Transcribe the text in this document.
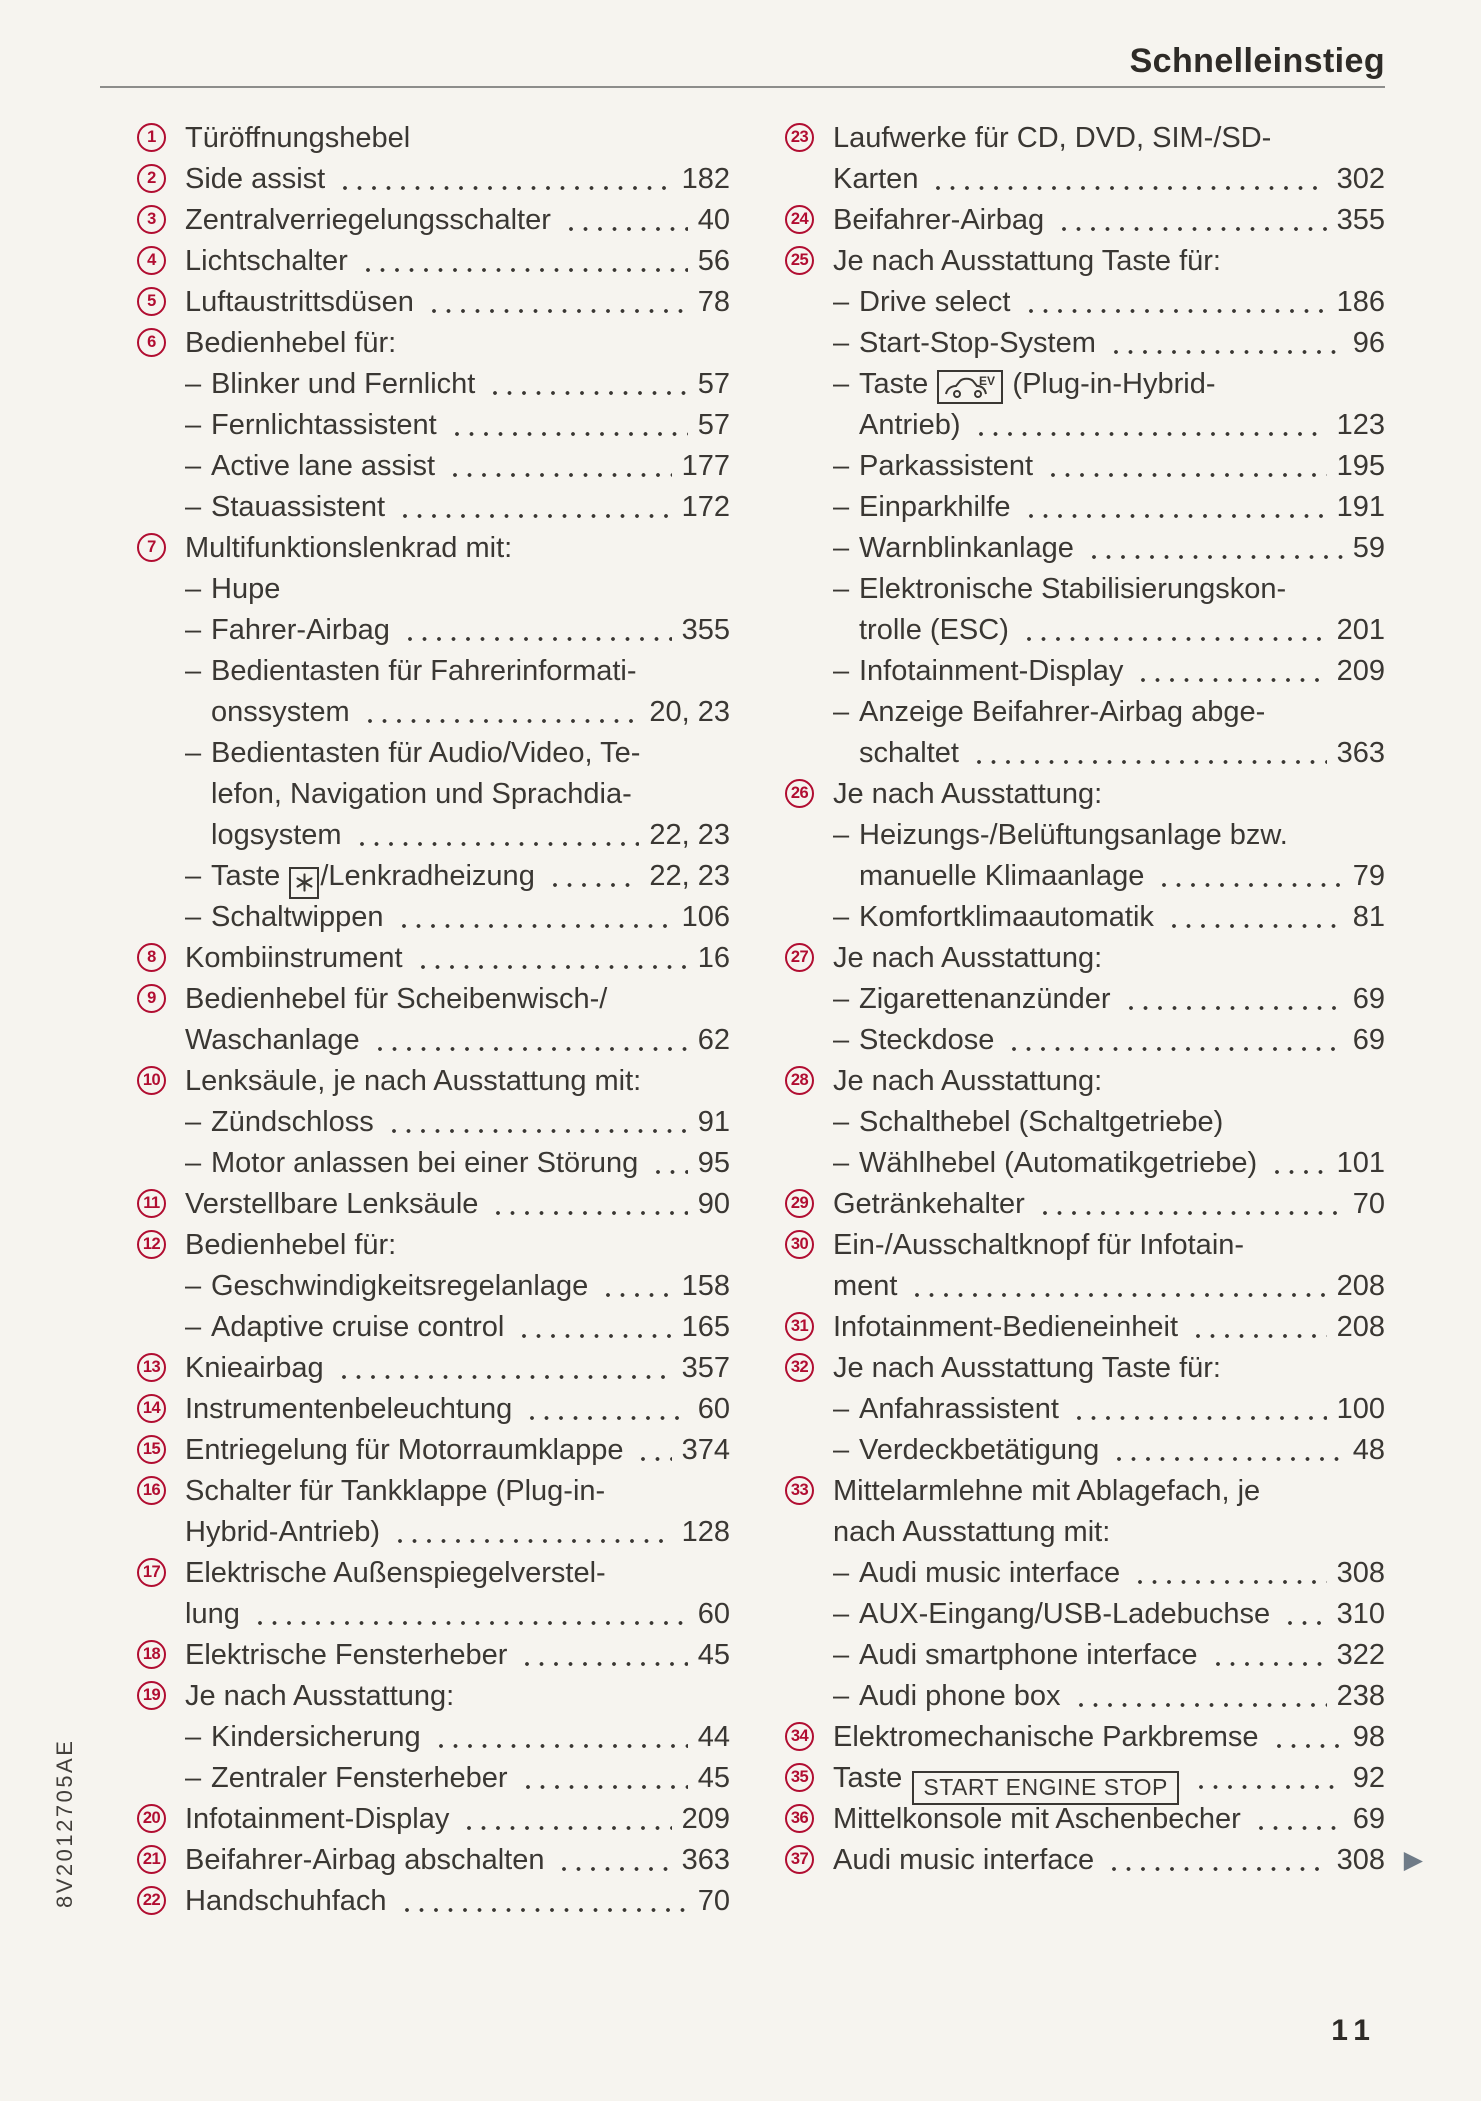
Schnelleinstieg
1	Türöffnungshebel
2	Side assist	182
3	Zentralverriegelungsschalter	40
4	Lichtschalter	56
5	Luftaustrittsdüsen	78
6	Bedienhebel für:
– Blinker und Fernlicht	57
– Fernlichtassistent	57
– Active lane assist	177
– Stauassistent	172
7	Multifunktionslenkrad mit:
– Hupe
– Fahrer-Airbag	355
– Bedientasten für Fahrerinformati-
onssystem	20, 23
– Bedientasten für Audio/Video, Te-
lefon, Navigation und Sprachdia-
logsystem	22, 23
– Taste
/Lenkradheizung	22, 23
– Schaltwippen	106
8	Kombiinstrument	16
9	Bedienhebel für Scheibenwisch-/
Waschanlage	62
10 Lenksäule, je nach Ausstattung mit:
– Zündschloss	91
– Motor anlassen bei einer Störung 95
11 Verstellbare Lenksäule	90
12 Bedienhebel für:
– Geschwindigkeitsregelanlage	158
– Adaptive cruise control	165
13 Knieairbag	357
14 Instrumentenbeleuchtung	60
15 Entriegelung für Motorraumklappe 374
16 Schalter für Tankklappe (Plug-in-
Hybrid-Antrieb)	128
17 Elektrische Außenspiegelverstel-
lung	60
18 Elektrische Fensterheber	45
19 Je nach Ausstattung:
– Kindersicherung	44
– Zentraler Fensterheber	45
20 Infotainment-Display	209
21 Beifahrer-Airbag abschalten	363
22 Handschuhfach	70
23 Laufwerke für CD, DVD, SIM-/SD-
Karten	302
24 Beifahrer-Airbag	355
25 Je nach Ausstattung Taste für:
– Drive select	186
– Start-Stop-System	96
– Taste	EV (Plug-in-Hybrid-
Antrieb)	123
– Parkassistent	195
– Einparkhilfe	191
– Warnblinkanlage	59
– Elektronische Stabilisierungskon-
trolle (ESC)	201
– Infotainment-Display	209
– Anzeige Beifahrer-Airbag abge-
schaltet	363
26 Je nach Ausstattung:
– Heizungs-/Belüftungsanlage bzw.
manuelle Klimaanlage	79
– Komfortklimaautomatik	81
27 Je nach Ausstattung:
– Zigarettenanzünder	69
– Steckdose	69
28 Je nach Ausstattung:
– Schalthebel (Schaltgetriebe)
– Wählhebel (Automatikgetriebe)	101
29 Getränkehalter	70
30 Ein-/Ausschaltknopf für Infotain-
ment	208
31 Infotainment-Bedieneinheit	208
32 Je nach Ausstattung Taste für:
– Anfahrassistent	100
– Verdeckbetätigung	48
33 Mittelarmlehne mit Ablagefach, je
nach Ausstattung mit:
– Audi music interface	308
– AUX-Eingang/USB-Ladebuchse 310
– Audi smartphone interface	322
– Audi phone box	238
34 Elektromechanische Parkbremse	98
35 Taste START ENGINE STOP	92
36 Mittelkonsole mit Aschenbecher	69
37 Audi music interface	308 ▶
8V2012705AE
11
